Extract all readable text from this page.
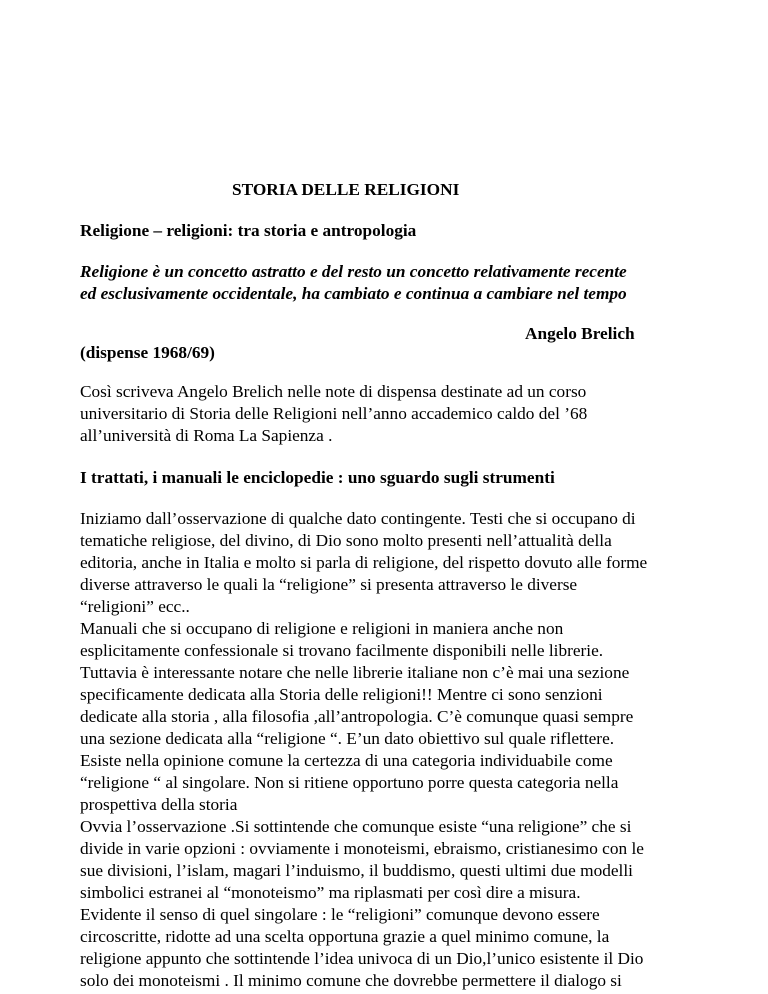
STORIA DELLE RELIGIONI
Religione – religioni: tra storia e antropologia
Religione è un concetto astratto e del resto un concetto relativamente recente
ed esclusivamente occidentale, ha cambiato e continua a cambiare nel tempo
Angelo Brelich
(dispense 1968/69)
Così scriveva Angelo Brelich nelle note di dispensa destinate ad un corso
universitario di Storia delle Religioni nell’anno accademico caldo del ’68
all’università di Roma La Sapienza .
I trattati, i manuali le enciclopedie : uno sguardo sugli strumenti
Iniziamo dall’osservazione di qualche dato contingente. Testi che si occupano di
tematiche religiose, del divino, di Dio sono molto presenti nell’attualità della
editoria, anche in Italia e molto si parla di religione, del rispetto dovuto alle forme
diverse attraverso le quali la “religione” si presenta attraverso le diverse
“religioni” ecc..
Manuali che si occupano di religione e religioni in maniera anche non
esplicitamente confessionale si trovano facilmente disponibili nelle librerie.
Tuttavia è interessante notare che nelle librerie italiane non c’è mai una sezione
specificamente dedicata alla Storia delle religioni!! Mentre ci sono senzioni
dedicate alla storia , alla filosofia ,all’antropologia. C’è comunque quasi sempre
una sezione dedicata alla “religione “. E’un dato obiettivo sul quale riflettere.
Esiste nella opinione comune la certezza di una categoria individuabile come
“religione “ al singolare. Non si ritiene opportuno porre questa categoria nella
prospettiva della storia
Ovvia l’osservazione .Si sottintende che comunque esiste “una religione” che si
divide in varie opzioni : ovviamente i monoteismi, ebraismo, cristianesimo con le
sue divisioni, l’islam, magari l’induismo, il buddismo, questi ultimi due modelli
simbolici estranei al “monoteismo” ma riplasmati per così dire a misura.
Evidente il senso di quel singolare : le “religioni” comunque devono essere
circoscritte, ridotte ad una scelta opportuna grazie a quel minimo comune, la
religione appunto che sottintende l’idea univoca di un Dio,l’unico esistente il Dio
solo dei monoteismi . Il minimo comune che dovrebbe permettere il dialogo si
